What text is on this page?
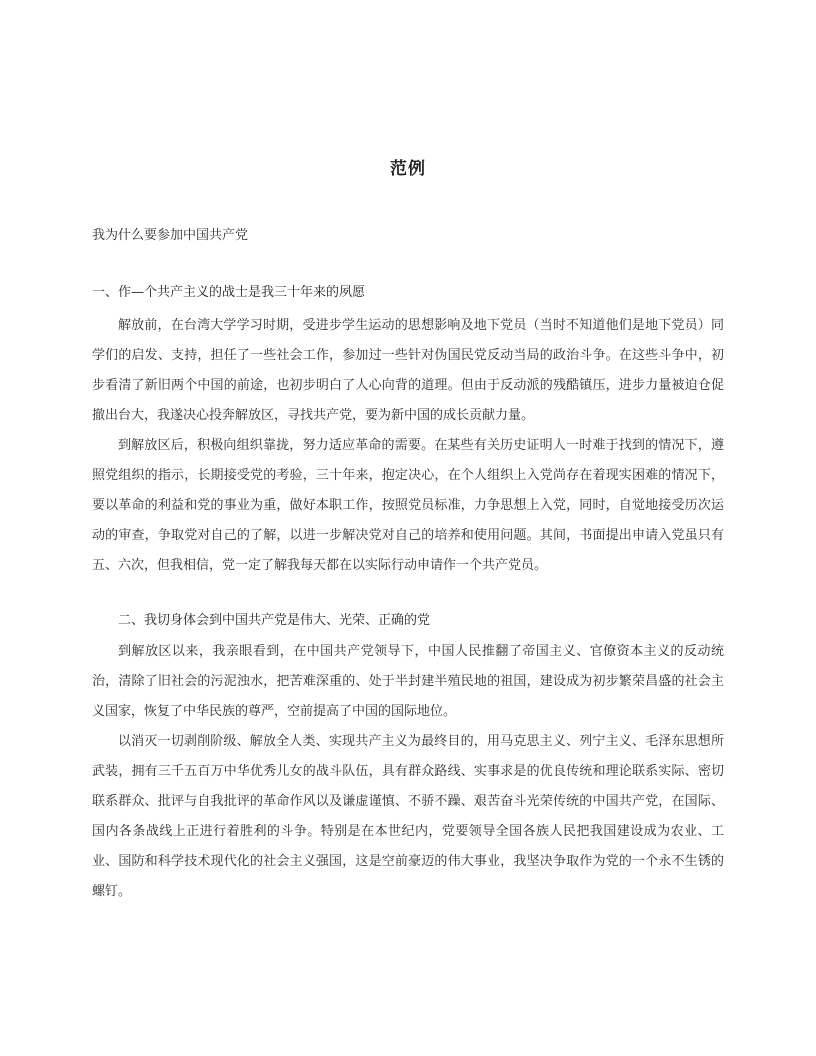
范例
我为什么要参加中国共产党
一、作—个共产主义的战士是我三十年来的夙愿

解放前，在台湾大学学习时期，受进步学生运动的思想影响及地下党员（当时不知道他们是地下党员）同学们的启发、支持，担任了一些社会工作，参加过一些针对伪国民党反动当局的政治斗争。在这些斗争中，初步看清了新旧两个中国的前途，也初步明白了人心向背的道理。但由于反动派的残酷镇压，进步力量被迫仓促撤出台大，我遂决心投奔解放区，寻找共产党，要为新中国的成长贡献力量。

到解放区后，积极向组织靠拢，努力适应革命的需要。在某些有关历史证明人一时难于找到的情况下，遵照党组织的指示，长期接受党的考验，三十年来，抱定决心，在个人组织上入党尚存在着现实困难的情况下，要以革命的利益和党的事业为重，做好本职工作，按照党员标准，力争思想上入党，同时，自觉地接受历次运动的审查，争取党对自己的了解，以进一步解决党对自己的培养和使用问题。其间，书面提出申请入党虽只有五、六次，但我相信，党一定了解我每天都在以实际行动申请作一个共产党员。

二、我切身体会到中国共产党是伟大、光荣、正确的党

到解放区以来，我亲眼看到，在中国共产党领导下，中国人民推翻了帝国主义、官僚资本主义的反动统治，清除了旧社会的污泥浊水，把苦难深重的、处于半封建半殖民地的祖国，建设成为初步繁荣昌盛的社会主义国家，恢复了中华民族的尊严，空前提高了中国的国际地位。

以消灭一切剥削阶级、解放全人类、实现共产主义为最终目的，用马克思主义、列宁主义、毛泽东思想所武装，拥有三千五百万中华优秀儿女的战斗队伍，具有群众路线、实事求是的优良传统和理论联系实际、密切联系群众、批评与自我批评的革命作风以及谦虚谨慎、不骄不躁、艰苦奋斗光荣传统的中国共产党，在国际、国内各条战线上正进行着胜利的斗争。特别是在本世纪内，党要领导全国各族人民把我国建设成为农业、工业、国防和科学技术现代化的社会主义强国，这是空前豪迈的伟大事业，我坚决争取作为党的一个永不生锈的螺钉。
